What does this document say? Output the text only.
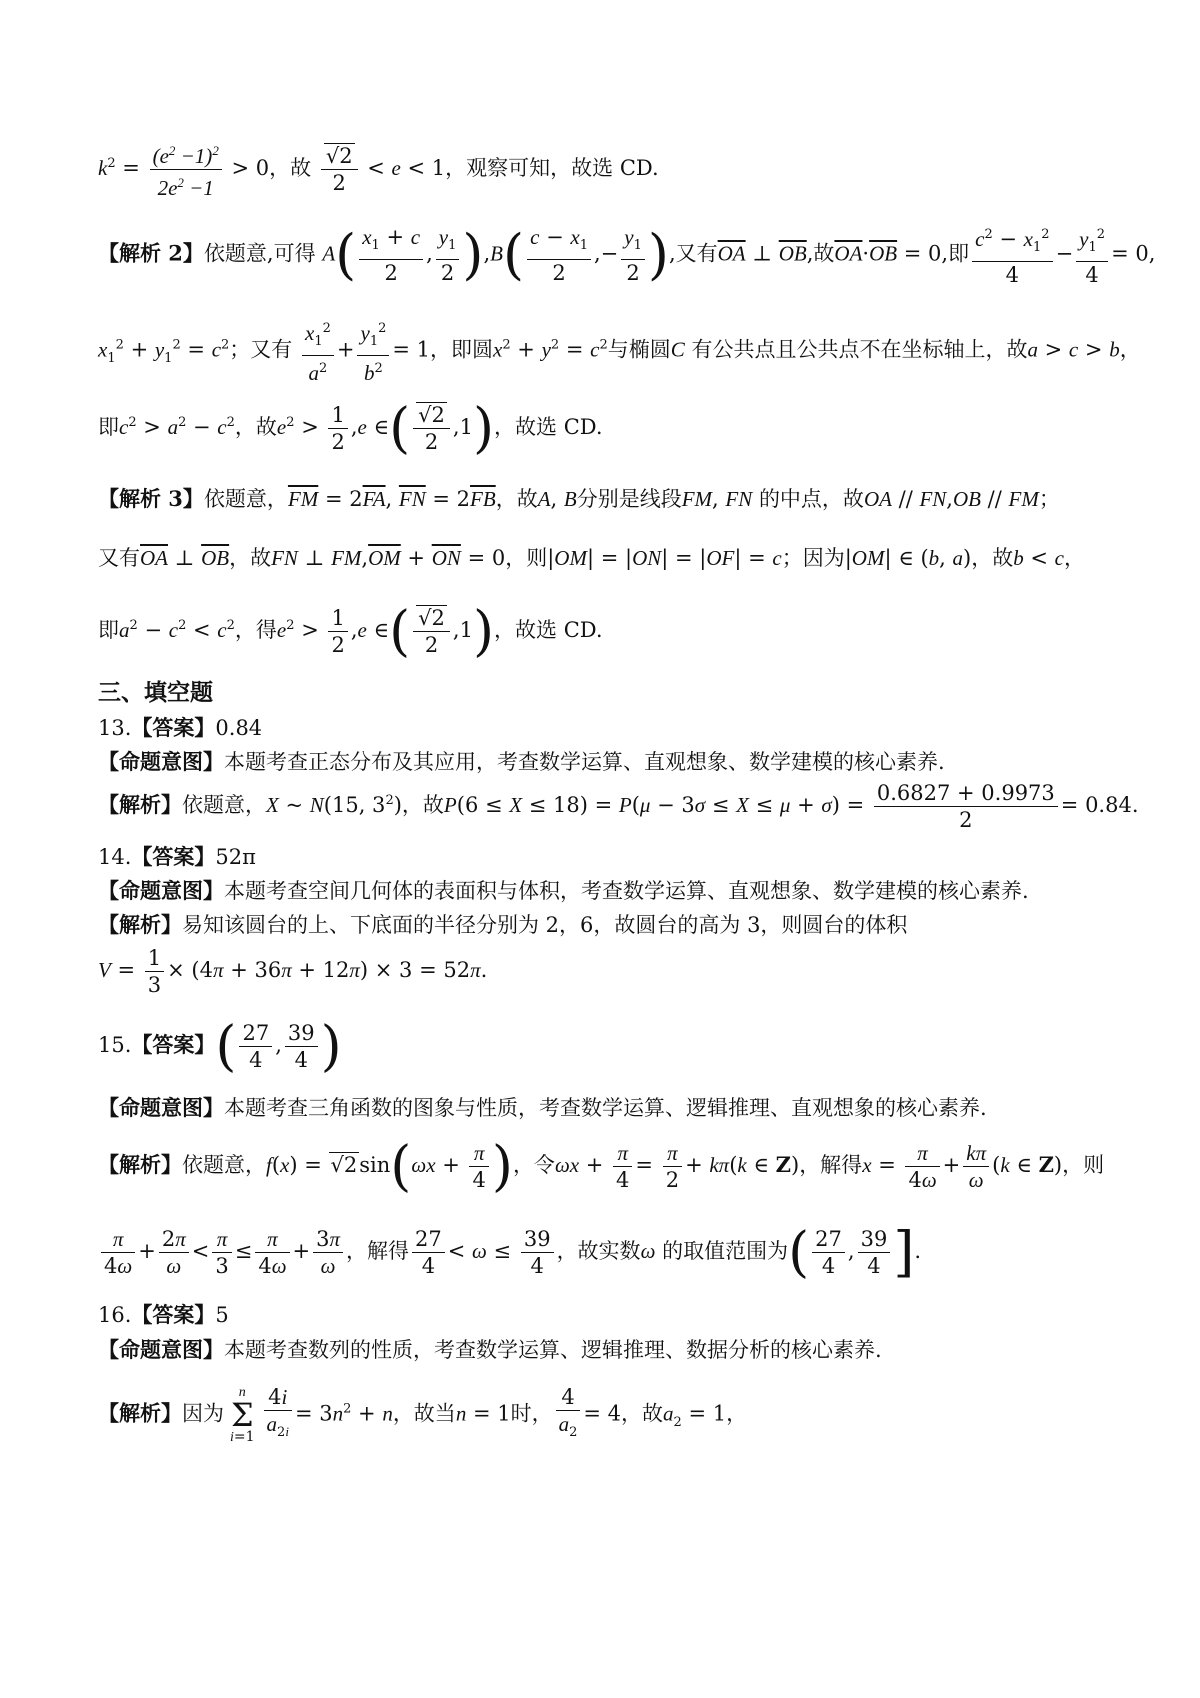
$k^2 = \frac{(e^2 -1)^2}{2e^2 -1} > 0$，故 $\frac{√2}{2} < e < 1$，观察可知，故选 CD.
【解析 2】依题意,可得 $A( \frac{x_1 + c}{2}$ , $\frac{y_1}{2} ),B( \frac{c - x_1}{2}$ ,− $\frac{y_1}{2}$ ),又有$\overline{OA}$ ⊥ $\overline{OB}$,故$\overline{OA}\cdot\overline{OB} = 0$,即 $\frac{c^2 - x_1^2}{4} - \frac{y_1^2}{4} = 0$,
$x_1^2 + y_1^2 = c^2$；又有 $\frac{x_1^2}{a^2} + \frac{y_1^2}{b^2} = 1$，即圆$x^2 + y^2 = c^2$与椭圆C 有公共点且公共点不在坐标轴上，故a > c > b，
即$c^2 > a^2 - c^2$，故$e^2 > \frac{1}{2} ,e$ ∈( $\frac{√2}{2} ,1$)，故选 CD.
【解析 3】依题意，$\overline{FM} = 2\overline{FA}$, $\overline{FN} = 2\overline{FB}$，故A, B分别是线段FM, FN 的中点，故OA // FN,OB // FM；
又有$\overline{OA}$ ⊥ $\overline{OB}$，故FN ⊥ $FM,\overline{OM} + \overline{ON} = 0$，则|OM| = |ON| = |OF| = c；因为|OM| ∈ (b, a)，故b < c，
即$a^2 - c^2 < c^2$，得$e^2 > \frac{1}{2} ,e$ ∈( $\frac{√2}{2} ,1$)，故选 CD.
三、填空题
13.【答案】0.84
【命题意图】本题考查正态分布及其应用，考查数学运算、直观想象、数学建模的核心素养.
【解析】依题意，X ~ N(15, $3^2$)，故$P(6 \le X \le 18) = P(\mu - 3\sigma \le X \le \mu + \sigma) = \frac{0.6827 + 0.9973}{2} = 0.84$.
14.【答案】52π
【命题意图】本题考查空间几何体的表面积与体积，考查数学运算、直观想象、数学建模的核心素养.
【解析】易知该圆台的上、下底面的半径分别为 2，6，故圆台的高为 3，则圆台的体积
$V = \frac{1}{3} \times (4\pi + 36\pi + 12\pi) \times 3 = 52\pi$.
15.【答案】( $\frac{27}{4}$ , $\frac{39}{4}$ )
【命题意图】本题考查三角函数的图象与性质，考查数学运算、逻辑推理、直观想象的核心素养.
【解析】依题意，$f(x) = √2\sin(\omega x + \frac{\pi}{4}$ )，令$\omega x + \frac{\pi}{4} = \frac{\pi}{2} + k\pi(k$ ∈ Z)，解得$x = \frac{\pi}{4\omega} + \frac{k\pi}{\omega} (k$ ∈ Z)，则
$\frac{\pi}{4\omega} + \frac{2\pi}{\omega} < \frac{\pi}{3} \le \frac{\pi}{4\omega} + \frac{3\pi}{\omega}$ ，解得 $\frac{27}{4} < \omega \le \frac{39}{4}$ ，故实数ω 的取值范围为( $\frac{27}{4}$ , $\frac{39}{4}$ ].
16.【答案】5
【命题意图】本题考查数列的性质，考查数学运算、逻辑推理、数据分析的核心素养.
【解析】因为
n
Σ
$i=1 \frac{4i}{a_{2i}} = 3n^2 + n$，故当n = 1时， $\frac{4}{a_2} = 4$，故$a_2 = 1$，
